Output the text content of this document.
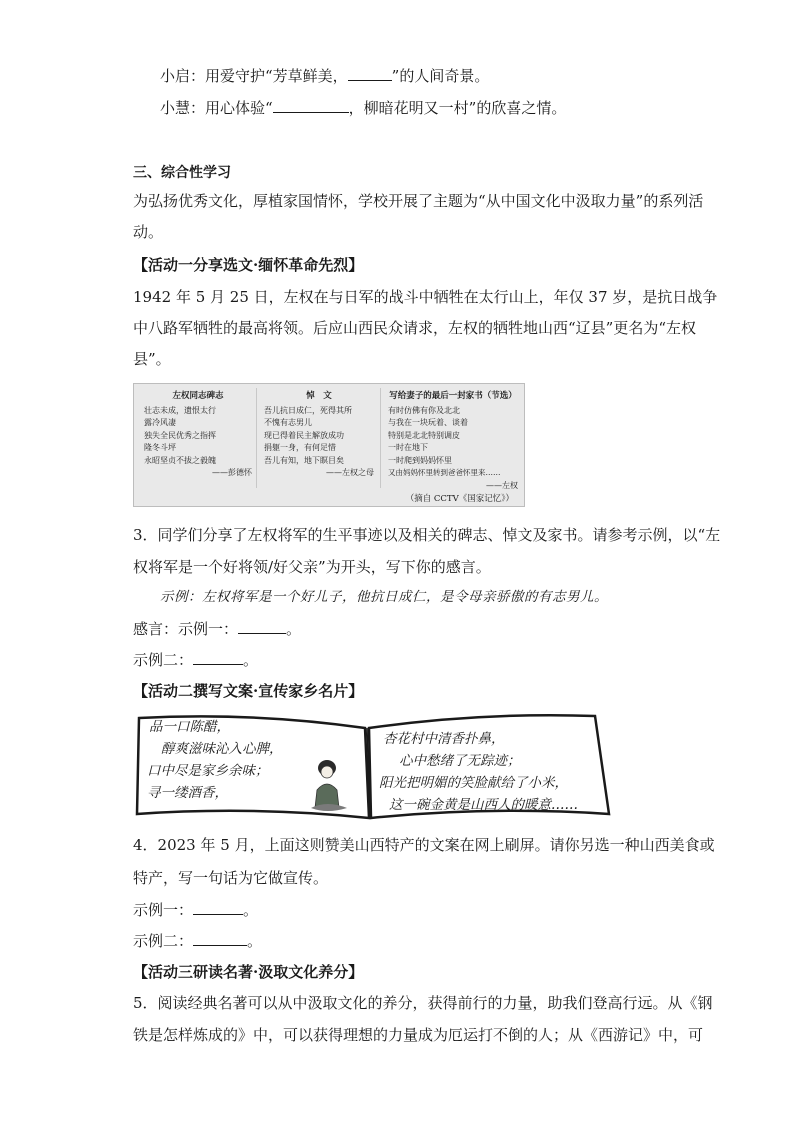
小启：用爱守护“芳草鲜美，	”的人间奇景。
小慧：用心体验“	，柳暗花明又一村”的欣喜之情。
三、综合性学习
为弘扬优秀文化，厚植家国情怀，学校开展了主题为“从中国文化中汲取力量”的系列活
动。
【活动一分享选文·缅怀革命先烈】
1942 年 5 月 25 日，左权在与日军的战斗中牺牲在太行山上，年仅 37 岁，是抗日战争
中八路军牺牲的最高将领。后应山西民众请求，左权的牺牲地山西“辽县”更名为“左权
县”。
左权同志碑志
壮志未成，遗恨太行
露冷风凄
独失全民优秀之指挥
隆冬斗坪
永昭坚贞不拔之毅魄
——彭德怀
悼　文
吾儿抗日成仁，死得其所
不愧有志男儿
现已得着民主解放成功
捐躯一身，有何足惜
吾儿有知，地下瞑目矣
——左权之母
写给妻子的最后一封家书（节选）
有时仿佛有你及北北
与我在一块玩着、谈着
特别是北北特别调皮
一时在地下
一时爬到妈妈怀里
又由妈妈怀里转到爸爸怀里来……
——左权
（摘自 CCTV《国家记忆》）
3．同学们分享了左权将军的生平事迹以及相关的碑志、悼文及家书。请参考示例，以“左
权将军是一个好将领/好父亲”为开头，写下你的感言。
示例：左权将军是一个好儿子，他抗日成仁，是令母亲骄傲的有志男儿。
感言：示例一：	。
示例二：	。
【活动二撰写文案·宣传家乡名片】
品一口陈醋，
醇爽滋味沁入心脾，
口中尽是家乡余味；
寻一缕酒香，
杏花村中清香扑鼻，
心中愁绪了无踪迹；
阳光把明媚的笑脸献给了小米，
这一碗金黄是山西人的暖意……
4．2023 年 5 月，上面这则赞美山西特产的文案在网上刷屏。请你另选一种山西美食或
特产，写一句话为它做宣传。
示例一：	。
示例二：	。
【活动三研读名著·汲取文化养分】
5．阅读经典名著可以从中汲取文化的养分，获得前行的力量，助我们登高行远。从《钢
铁是怎样炼成的》中，可以获得理想的力量成为厄运打不倒的人；从《西游记》中，可
